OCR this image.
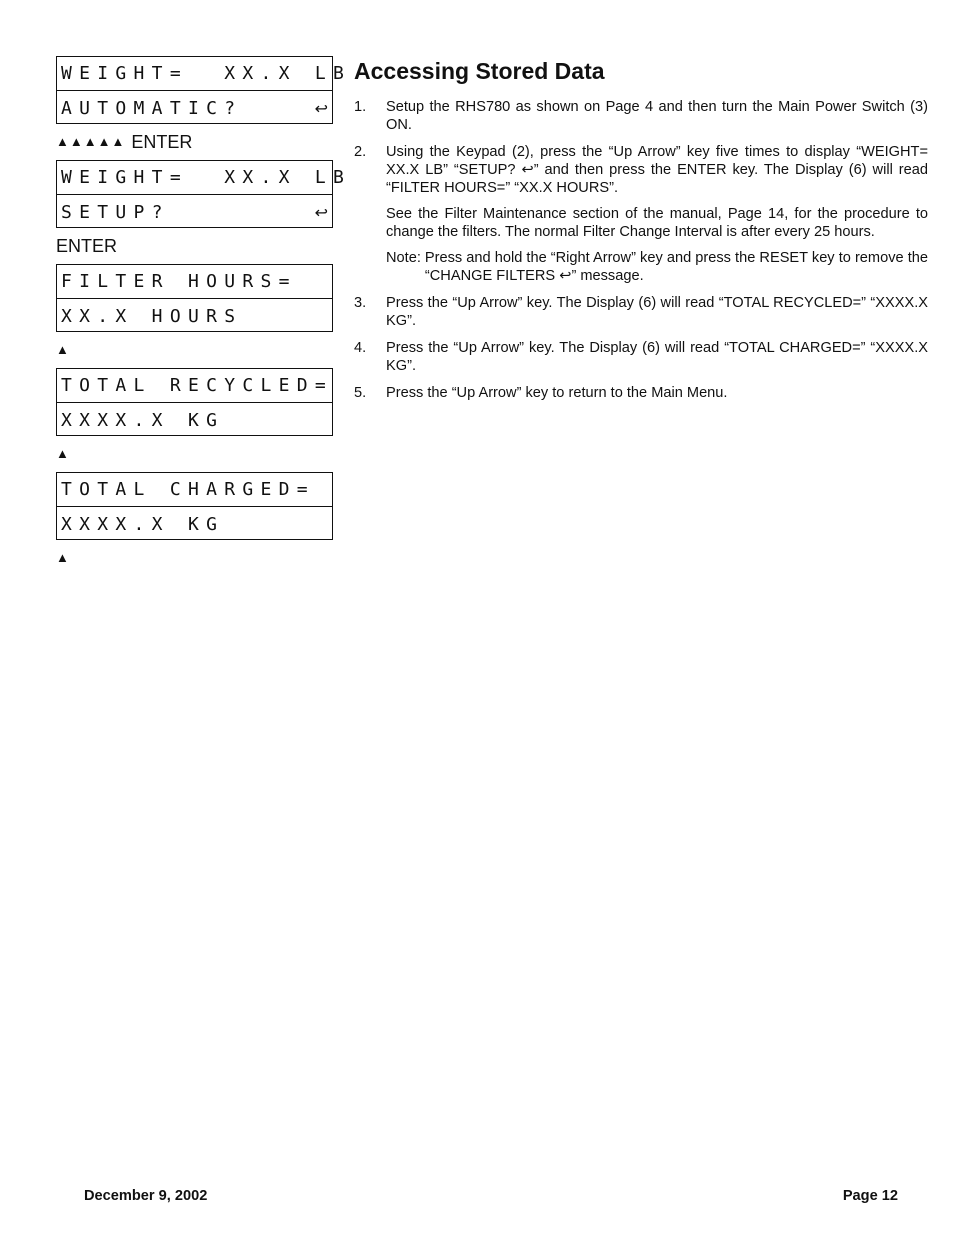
WEIGHT=  XX.X LB
AUTOMATIC?	↩
▲▲▲▲▲ ENTER
WEIGHT=  XX.X LB
SETUP?	↩
ENTER
FILTER HOURS=
XX.X HOURS
▲
TOTAL RECYCLED=
XXXX.X KG
▲
TOTAL CHARGED=
XXXX.X KG
▲
Accessing Stored Data
1. Setup the RHS780 as shown on Page 4 and then turn the Main Power Switch (3) ON.

2. Using the Keypad (2), press the “Up Arrow” key five times to display “WEIGHT= XX.X LB” “SETUP? ↩” and then press the ENTER key. The Display (6) will read “FILTER HOURS=” “XX.X HOURS”.

See the Filter Maintenance section of the manual, Page 14, for the procedure to change the filters. The normal Filter Change Interval is after every 25 hours.

Note: Press and hold the “Right Arrow” key and press the RESET key to remove the “CHANGE FILTERS ↩” message.
3. Press the “Up Arrow” key. The Display (6) will read “TOTAL RECYCLED=” “XXXX.X KG”.

4. Press the “Up Arrow” key. The Display (6) will read “TOTAL CHARGED=” “XXXX.X KG”.

5. Press the “Up Arrow” key to return to the Main Menu.

December 9, 2002	Page 12
